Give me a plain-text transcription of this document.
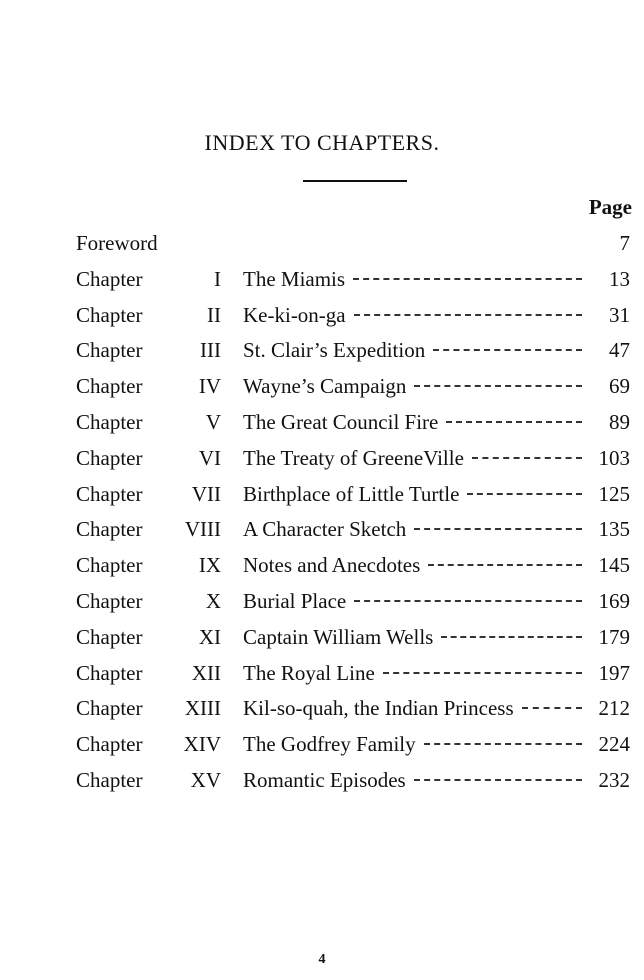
INDEX TO CHAPTERS.
Page
Foreword	7
Chapter	I The Miamis	13
Chapter	II Ke-ki-on-ga	31
Chapter	III St. Clair’s Expedition	47
Chapter	IV Wayne’s Campaign	69
Chapter	V The Great Council Fire	89
Chapter	VI The Treaty of GreeneVille	103
Chapter VII Birthplace of Little Turtle	125
Chapter VIII A Character Sketch	135
Chapter	IX Notes and Anecdotes	145
Chapter	X Burial Place	169
Chapter	XI Captain William Wells	179
Chapter XII The Royal Line	197
Chapter XIII Kil-so-quah, the Indian Princess	212
Chapter XIV The Godfrey Family	224
Chapter XV Romantic Episodes	232
4
